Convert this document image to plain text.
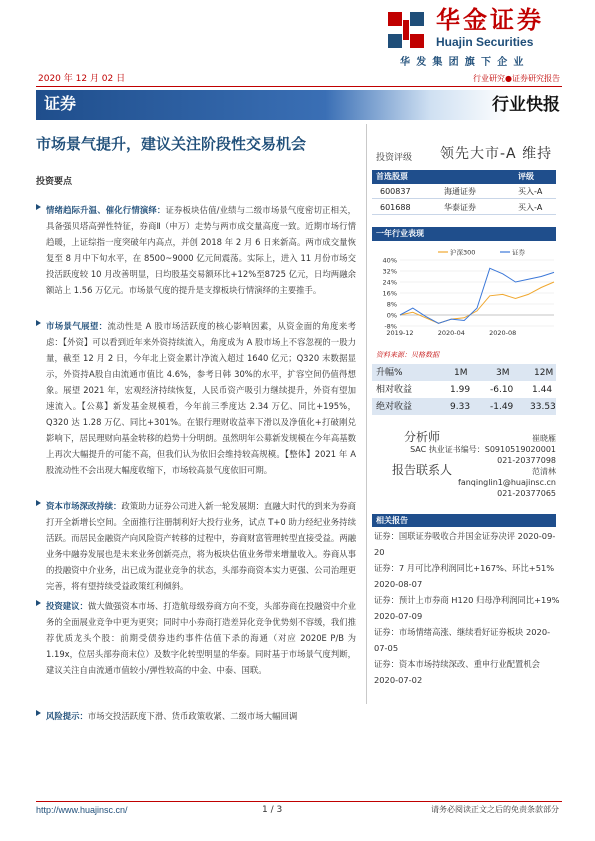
华金证券
Huajin Securities
华发集团旗下企业
2020 年 12 月 02 日	行业研究●证券研究报告
证券	行业快报
市场景气提升，建议关注阶段性交易机会
投资要点
情绪趋际升温、催化行情演绎：证券板块估值/业绩与二级市场景气度密切正相关，具备强贝塔高弹性特征，券商Ⅱ（申万）走势与两市成交量高度一致。近期市场行情趋暖，上证综指一度突破年内高点，并创 2018 年 2 月 6 日来新高。两市成交量恢复至 8 月中下旬水平，在 8500~9000 亿元间震荡。实际上，进入 11 月份市场交投活跃度较 10 月改善明显，日均股基交易额环比+12%至8725 亿元，日均两融余额站上 1.56 万亿元。市场景气度的提升是支撑板块行情演绎的主要推手。
市场景气展望：流动性是 A 股市场活跃度的核心影响因素，从资金面的角度来考虑：【外资】可以看到近年来外资持续流入，角度成为 A 股市场上不容忽视的一股力量，截至 12 月 2 日，今年北上资金累计净流入超过 1640 亿元；Q320 末数据显示，外资持A股自由流通市值比 4.6%，参考日韩 30%的水平，扩容空间仍值得想象。展望 2021 年，宏观经济持续恢复，人民币资产吸引力继续提升，外资有望加速流入。【公募】新发基金规模看，今年前三季度达 2.34 万亿、同比+195%，Q320 达 1.28 万亿、同比+301%。在银行理财收益率下滑以及净值化+打破刚兑影响下，居民理财向基金转移的趋势十分明朗。虽然明年公募新发规模在今年高基数上再次大幅提升的可能不高，但我们认为依旧会维持较高规模。【整体】2021 年 A 股流动性不会出现大幅度收缩下，市场较高景气度依旧可期。
资本市场深改持续：政策助力证券公司进入新一轮发展期：直融大时代的到来为券商打开全新增长空间。全面推行注册制利好大投行业务，试点 T+0 助力经纪业务持续活跃。而居民金融资产向风险资产转移的过程中，券商财富管理转型直接受益。两融业务中融券发展也是未来业务创新亮点，将为板块估值业务带来增量收入。券商从事的投融资中介业务，出已成为混业竞争的状态，头部券商资本实力更强、公司治理更完善，将有望持续受益政策红利倾斜。
投资建议：做大做强资本市场、打造航母级券商方向不变，头部券商在投融资中介业务的全面展业竞争中更为更突；同时中小券商打造差异化竞争优势刻不容缓，我们推荐优质龙头个股：前期受债券违约事件估值下杀的海通（对应 2020E P/B 为 1.19x，位居头部券商末位）及数字化转型明显的华泰。同时基于市场景气度判断，建议关注自由流通市值较小/弹性较高的中金、中泰、国联。
风险提示：市场交投活跃度下滑、货币政策收紧、二级市场大幅回调
投资评级 领先大市-A 维持
首选股票	评级
600837	海通证券	买入-A
601688	华泰证券	买入-A
一年行业表现
40%
32%
24%
16%
8%
0%
-8%
2019-12	2020-04	2020-08
沪深300	证券
资料来源：贝格数据
升幅%	1M	3M	12M
相对收益	1.99 -6.10 1.44
绝对收益	9.33 -1.49 33.53
分析师	崔晓雁
SAC 执业证书编号：S0910519020001
021-20377098
报告联系人	范清林
fanqinglin1@huajinsc.cn
021-20377065
相关报告
证券：国联证券吸收合并国金证券决评 2020-09-20
证券：7 月可比净利润同比+167%、环比+51% 2020-08-07
证券：预计上市券商 H120 归母净利润同比+19% 2020-07-09
证券：市场情绪高涨、继续看好证券板块 2020-07-05
证券：资本市场持续深改、重申行业配置机会 2020-07-02
http://www.huajinsc.cn/	1 / 3	请务必阅读正文之后的免责条款部分
